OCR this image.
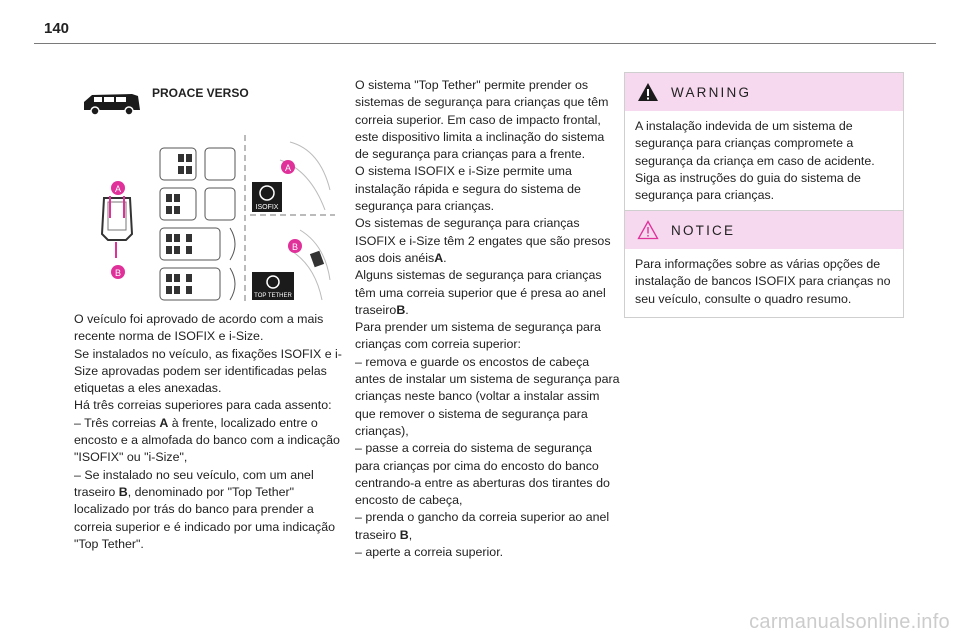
140
PROACE VERSO
A
B
ISOFIX
TOP TETHER
A
B

O veículo foi aprovado de acordo com a mais recente norma de ISOFIX e i-Size.

Se instalados no veículo, as fixações ISOFIX e i-Size aprovadas podem ser identificadas pelas etiquetas a eles anexadas.

Há três correias superiores para cada assento:

– Três correias A à frente, localizado entre o encosto e a almofada do banco com a indicação "ISOFIX" ou "i-Size",

– Se instalado no seu veículo, com um anel traseiro B, denominado por "Top Tether" localizado por trás do banco para prender a correia superior e é indicado por uma indicação "Top Tether".

O sistema "Top Tether" permite prender os sistemas de segurança para crianças que têm correia superior. Em caso de impacto frontal, este dispositivo limita a inclinação do sistema de segurança para crianças para a frente.

O sistema ISOFIX e i-Size permite uma instalação rápida e segura do sistema de segurança para crianças.

Os sistemas de segurança para crianças ISOFIX e i-Size têm 2 engates que são presos aos dois anéisA.

Alguns sistemas de segurança para crianças têm uma correia superior que é presa ao anel traseiroB.

Para prender um sistema de segurança para crianças com correia superior:

– remova e guarde os encostos de cabeça antes de instalar um sistema de segurança para crianças neste banco (voltar a instalar assim que remover o sistema de segurança para crianças),

– passe a correia do sistema de segurança para crianças por cima do encosto do banco centrando-a entre as aberturas dos tirantes do encosto de cabeça,

– prenda o gancho da correia superior ao anel traseiro B,

– aperte a correia superior.

WARNING
A instalação indevida de um sistema de segurança para crianças compromete a segurança da criança em caso de acidente. Siga as instruções do guia do sistema de segurança para crianças.
NOTICE
Para informações sobre as várias opções de instalação de bancos ISOFIX para crianças no seu veículo, consulte o quadro resumo.
carmanualsonline.info
